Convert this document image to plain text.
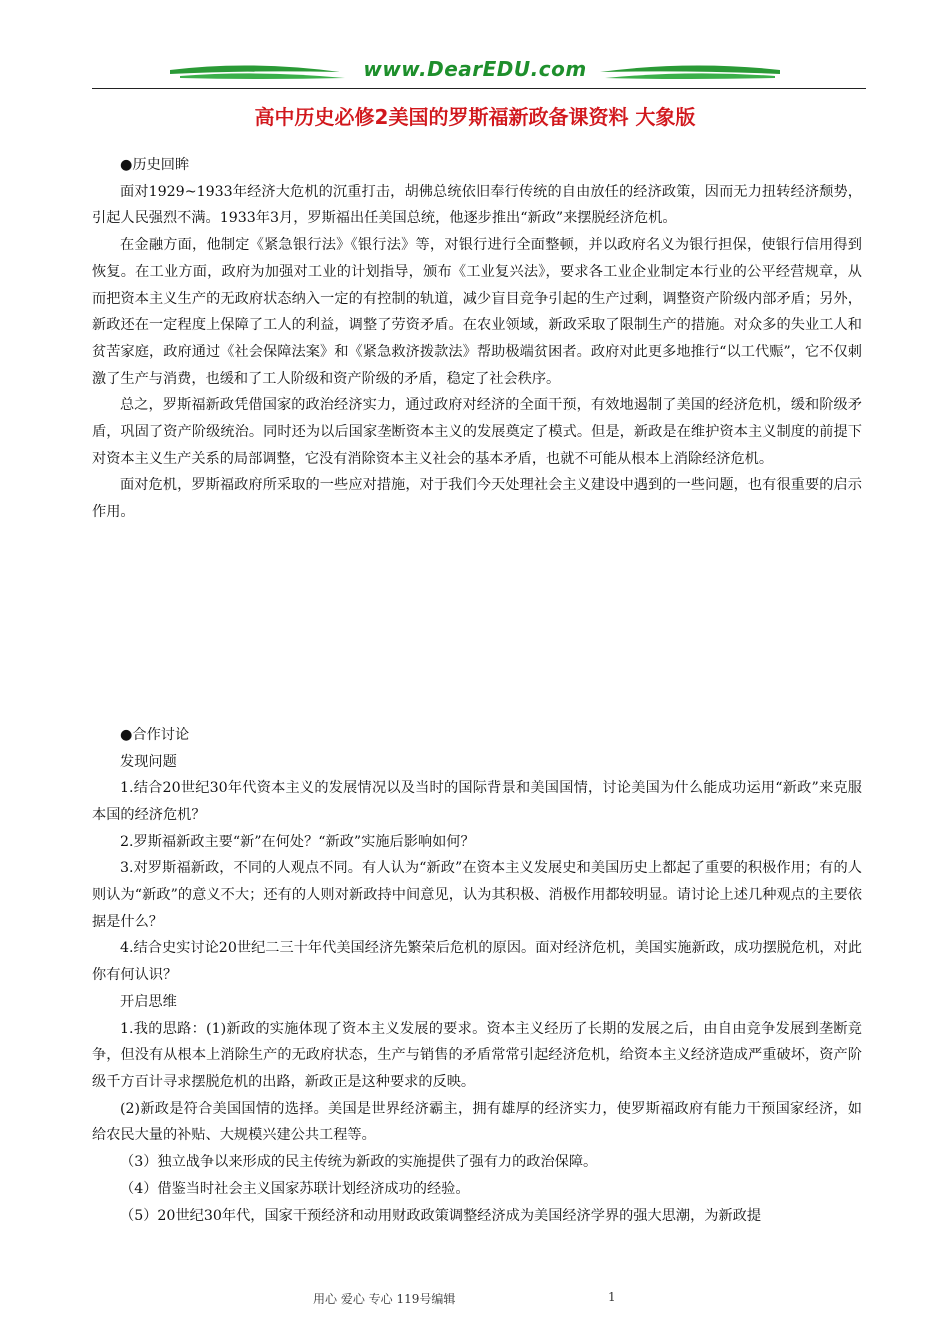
www.DearEDU.com
高中历史必修2美国的罗斯福新政备课资料 大象版

●历史回眸

面对1929~1933年经济大危机的沉重打击，胡佛总统依旧奉行传统的自由放任的经济政策，因而无力扭转经济颓势，引起人民强烈不满。1933年3月，罗斯福出任美国总统，他逐步推出“新政”来摆脱经济危机。

在金融方面，他制定《紧急银行法》《银行法》等，对银行进行全面整顿，并以政府名义为银行担保，使银行信用得到恢复。在工业方面，政府为加强对工业的计划指导，颁布《工业复兴法》，要求各工业企业制定本行业的公平经营规章，从而把资本主义生产的无政府状态纳入一定的有控制的轨道，减少盲目竞争引起的生产过剩，调整资产阶级内部矛盾；另外，新政还在一定程度上保障了工人的利益，调整了劳资矛盾。在农业领域，新政采取了限制生产的措施。对众多的失业工人和贫苦家庭，政府通过《社会保障法案》和《紧急救济拨款法》帮助极端贫困者。政府对此更多地推行“以工代赈”，它不仅刺激了生产与消费，也缓和了工人阶级和资产阶级的矛盾，稳定了社会秩序。

总之，罗斯福新政凭借国家的政治经济实力，通过政府对经济的全面干预，有效地遏制了美国的经济危机，缓和阶级矛盾，巩固了资产阶级统治。同时还为以后国家垄断资本主义的发展奠定了模式。但是，新政是在维护资本主义制度的前提下对资本主义生产关系的局部调整，它没有消除资本主义社会的基本矛盾，也就不可能从根本上消除经济危机。

面对危机，罗斯福政府所采取的一些应对措施，对于我们今天处理社会主义建设中遇到的一些问题，也有很重要的启示作用。

●合作讨论

发现问题

1.结合20世纪30年代资本主义的发展情况以及当时的国际背景和美国国情，讨论美国为什么能成功运用“新政”来克服本国的经济危机？

2.罗斯福新政主要“新”在何处？“新政”实施后影响如何？

3.对罗斯福新政，不同的人观点不同。有人认为“新政”在资本主义发展史和美国历史上都起了重要的积极作用；有的人则认为“新政”的意义不大；还有的人则对新政持中间意见，认为其积极、消极作用都较明显。请讨论上述几种观点的主要依据是什么？

4.结合史实讨论20世纪二三十年代美国经济先繁荣后危机的原因。面对经济危机，美国实施新政，成功摆脱危机，对此你有何认识？

开启思维

1.我的思路：(1)新政的实施体现了资本主义发展的要求。资本主义经历了长期的发展之后，由自由竞争发展到垄断竞争，但没有从根本上消除生产的无政府状态，生产与销售的矛盾常常引起经济危机，给资本主义经济造成严重破坏，资产阶级千方百计寻求摆脱危机的出路，新政正是这种要求的反映。

(2)新政是符合美国国情的选择。美国是世界经济霸主，拥有雄厚的经济实力，使罗斯福政府有能力干预国家经济，如给农民大量的补贴、大规模兴建公共工程等。

（3）独立战争以来形成的民主传统为新政的实施提供了强有力的政治保障。

（4）借鉴当时社会主义国家苏联计划经济成功的经验。

（5）20世纪30年代，国家干预经济和动用财政政策调整经济成为美国经济学界的强大思潮，为新政提

用心 爱心 专心 119号编辑	1
